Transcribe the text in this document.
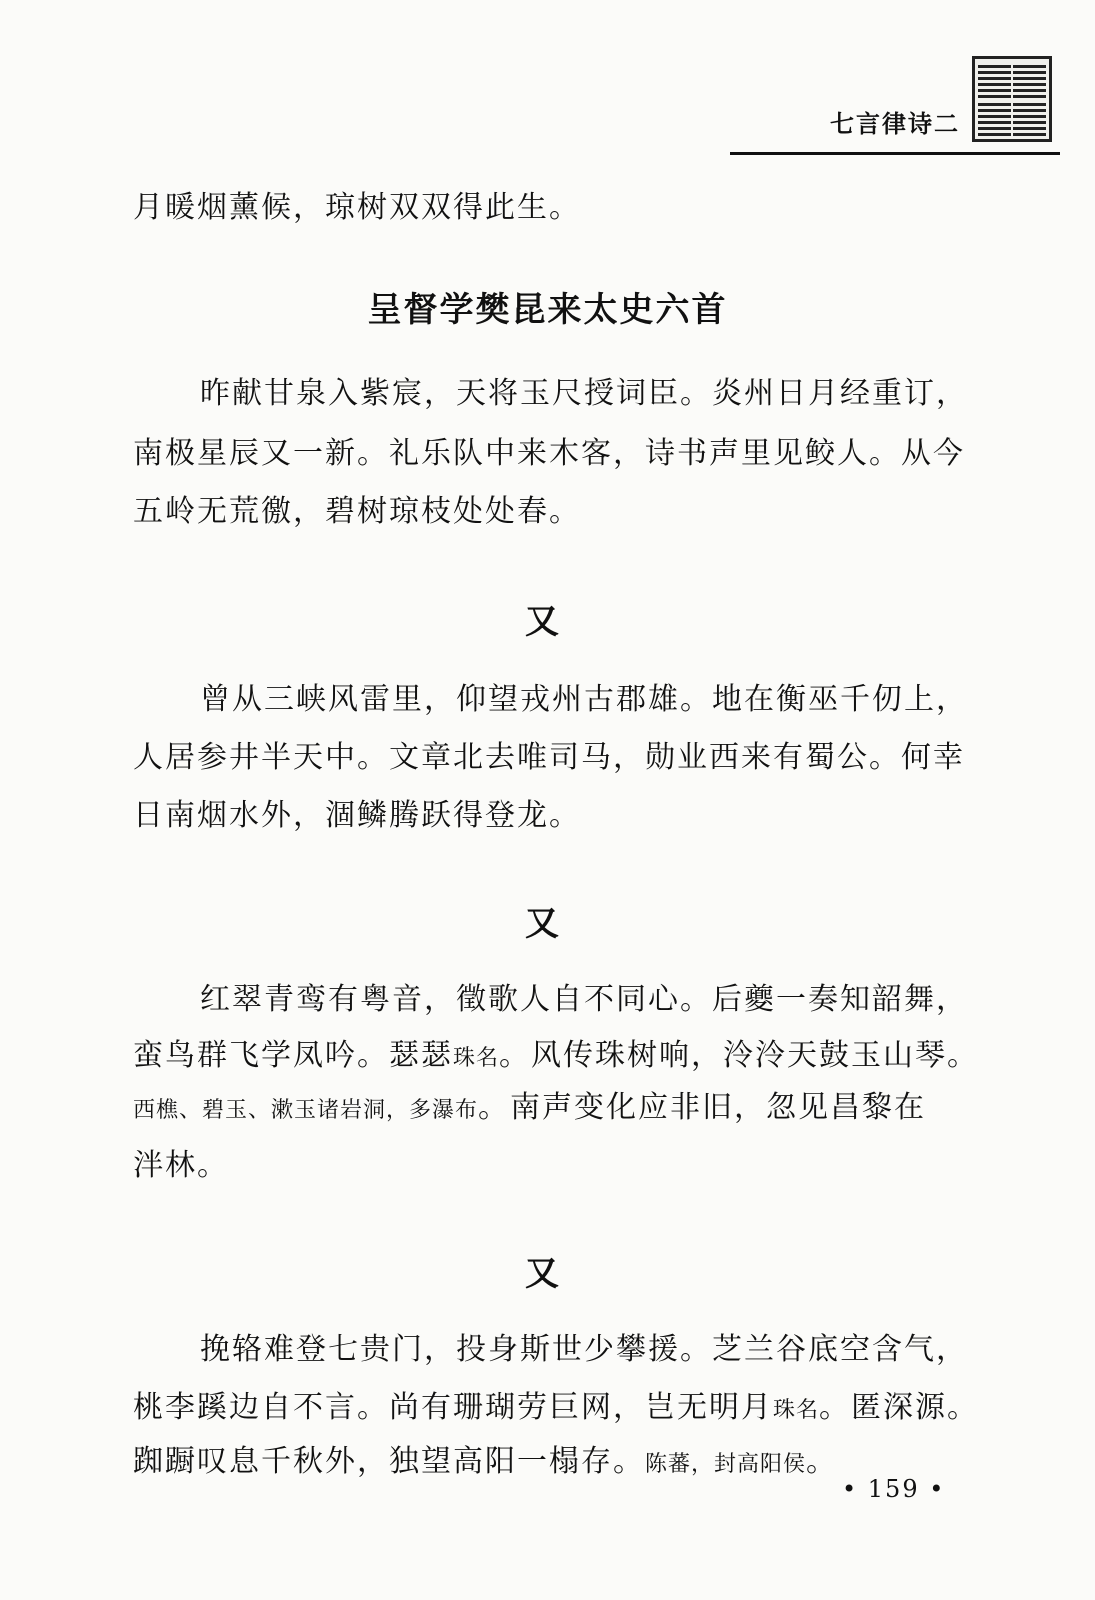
七言律诗二
月暖烟薰候，琼树双双得此生。
呈督学樊昆来太史六首
昨献甘泉入紫宸，天将玉尺授词臣。炎州日月经重订，
南极星辰又一新。礼乐队中来木客，诗书声里见鲛人。从今
五岭无荒徼，碧树琼枝处处春。
又
曾从三峡风雷里，仰望戎州古郡雄。地在衡巫千仞上，
人居参井半天中。文章北去唯司马，勋业西来有蜀公。何幸
日南烟水外，涸鳞腾跃得登龙。
又
红翠青鸾有粤音，徵歌人自不同心。后夔一奏知韶舞，
蛮鸟群飞学凤吟。瑟瑟珠名。风传珠树响，泠泠天鼓玉山琴。
西樵、碧玉、漱玉诸岩洞，多瀑布。南声变化应非旧，忽见昌黎在
泮林。
又
挽辂难登七贵门，投身斯世少攀援。芝兰谷底空含气，
桃李蹊边自不言。尚有珊瑚劳巨网，岂无明月珠名。匿深源。
踟蹰叹息千秋外，独望高阳一榻存。陈蕃，封高阳侯。
• 159 •
